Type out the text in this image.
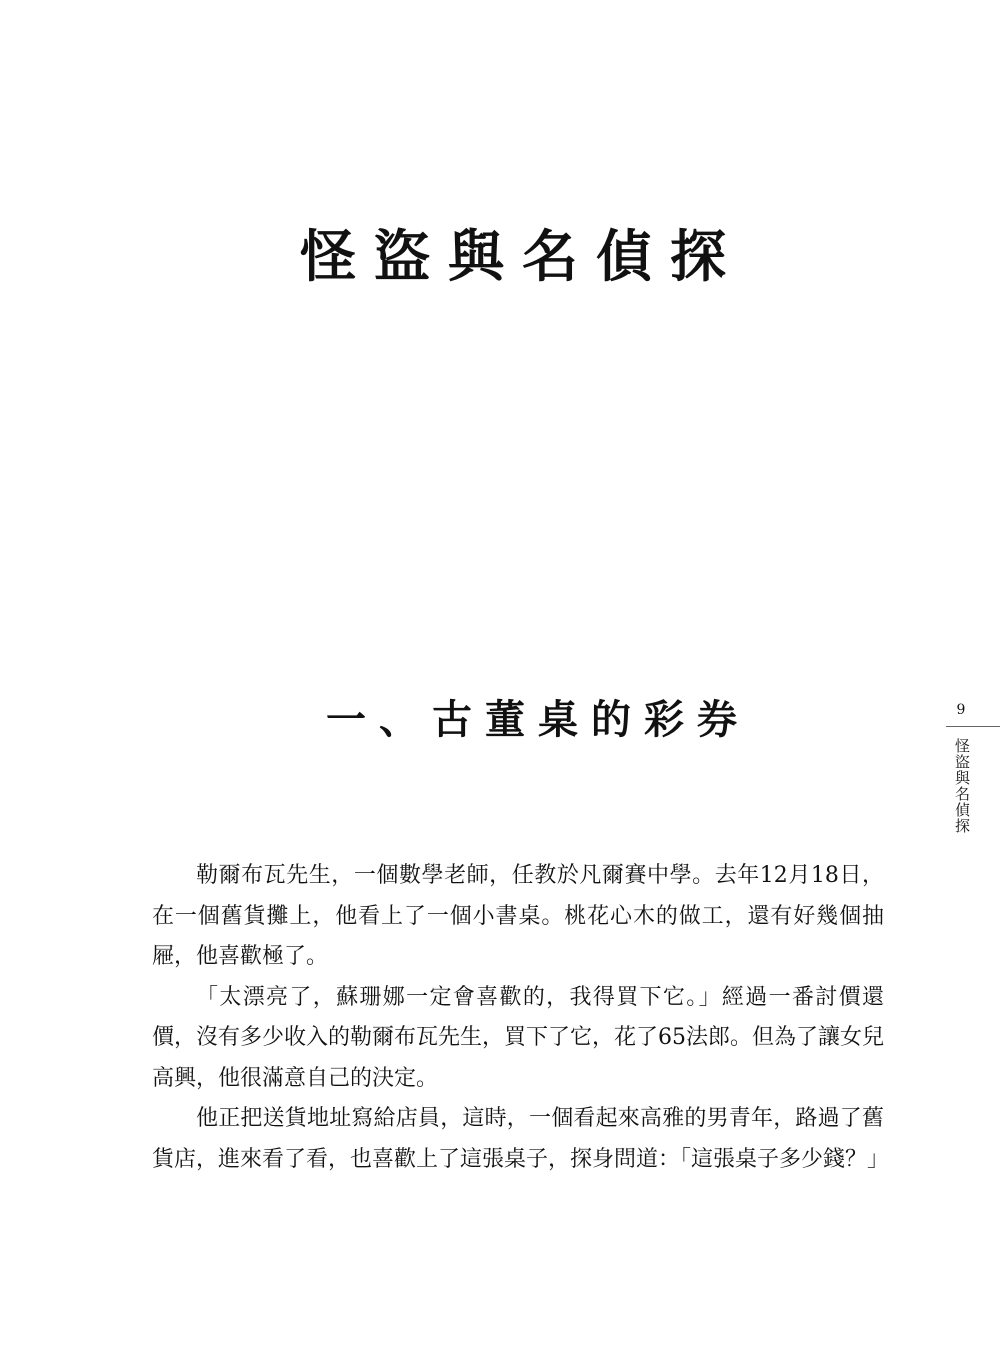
怪盜與名偵探
一、古董桌的彩券

勒爾布瓦先生，一個數學老師，任教於凡爾賽中學。去年12月18日，在一個舊貨攤上，他看上了一個小書桌。桃花心木的做工，還有好幾個抽屜，他喜歡極了。

「太漂亮了，蘇珊娜一定會喜歡的，我得買下它。」經過一番討價還價，沒有多少收入的勒爾布瓦先生，買下了它，花了65法郎。但為了讓女兒高興，他很滿意自己的決定。

他正把送貨地址寫給店員，這時，一個看起來高雅的男青年，路過了舊貨店，進來看了看，也喜歡上了這張桌子，探身問道：「這張桌子多少錢？」

9
怪盜與名偵探
